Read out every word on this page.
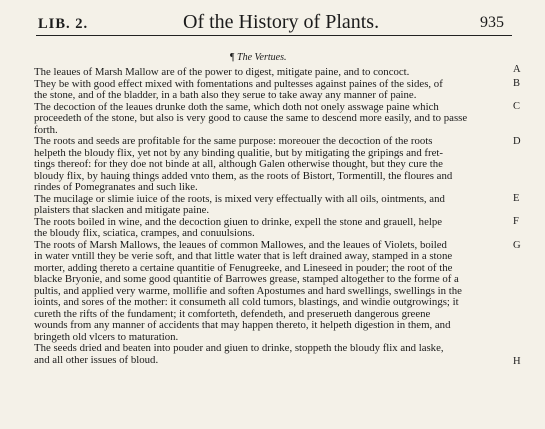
LIB. 2.	Of the History of Plants.	935
¶ The Vertues.
The leaues of Marsh Mallow are of the power to digest, mitigate paine, and to concoct.
They be with good effect mixed with fomentations and pultesses against paines of the sides, of
the stone, and of the bladder, in a bath also they serue to take away any manner of paine.
The decoction of the leaues drunke doth the same, which doth not onely asswage paine which
proceedeth of the stone, but also is very good to cause the same to descend more easily, and to passe
forth.
The roots and seeds are profitable for the same purpose: moreouer the decoction of the roots
helpeth the bloudy flix, yet not by any binding qualitie, but by mitigating the gripings and fret-
tings thereof: for they doe not binde at all, although Galen otherwise thought, but they cure the
bloudy flix, by hauing things added vnto them, as the roots of Bistort, Tormentill, the floures and
rindes of Pomegranates and such like.
The mucilage or slimie iuice of the roots, is mixed very effectually with all oils, ointments, and
plaisters that slacken and mitigate paine.
The roots boiled in wine, and the decoction giuen to drinke, expell the stone and grauell, helpe
the bloudy flix, sciatica, crampes, and conuulsions.
The roots of Marsh Mallows, the leaues of common Mallowes, and the leaues of Violets, boiled
in water vntill they be verie soft, and that little water that is left drained away, stamped in a stone
morter, adding thereto a certaine quantitie of Fenugreeke, and Lineseed in pouder; the root of the
blacke Bryonie, and some good quantitie of Barrowes grease, stamped altogether to the forme of a
pultis, and applied very warme, mollifie and soften Apostumes and hard swellings, swellings in the
ioints, and sores of the mother: it consumeth all cold tumors, blastings, and windie outgrowings; it
cureth the rifts of the fundament; it comforteth, defendeth, and preserueth dangerous greene
wounds from any manner of accidents that may happen thereto, it helpeth digestion in them, and
bringeth old vlcers to maturation.
The seeds dried and beaten into pouder and giuen to drinke, stoppeth the bloudy flix and laske,
and all other issues of bloud.
A
B
C
D
E
F
G
H
